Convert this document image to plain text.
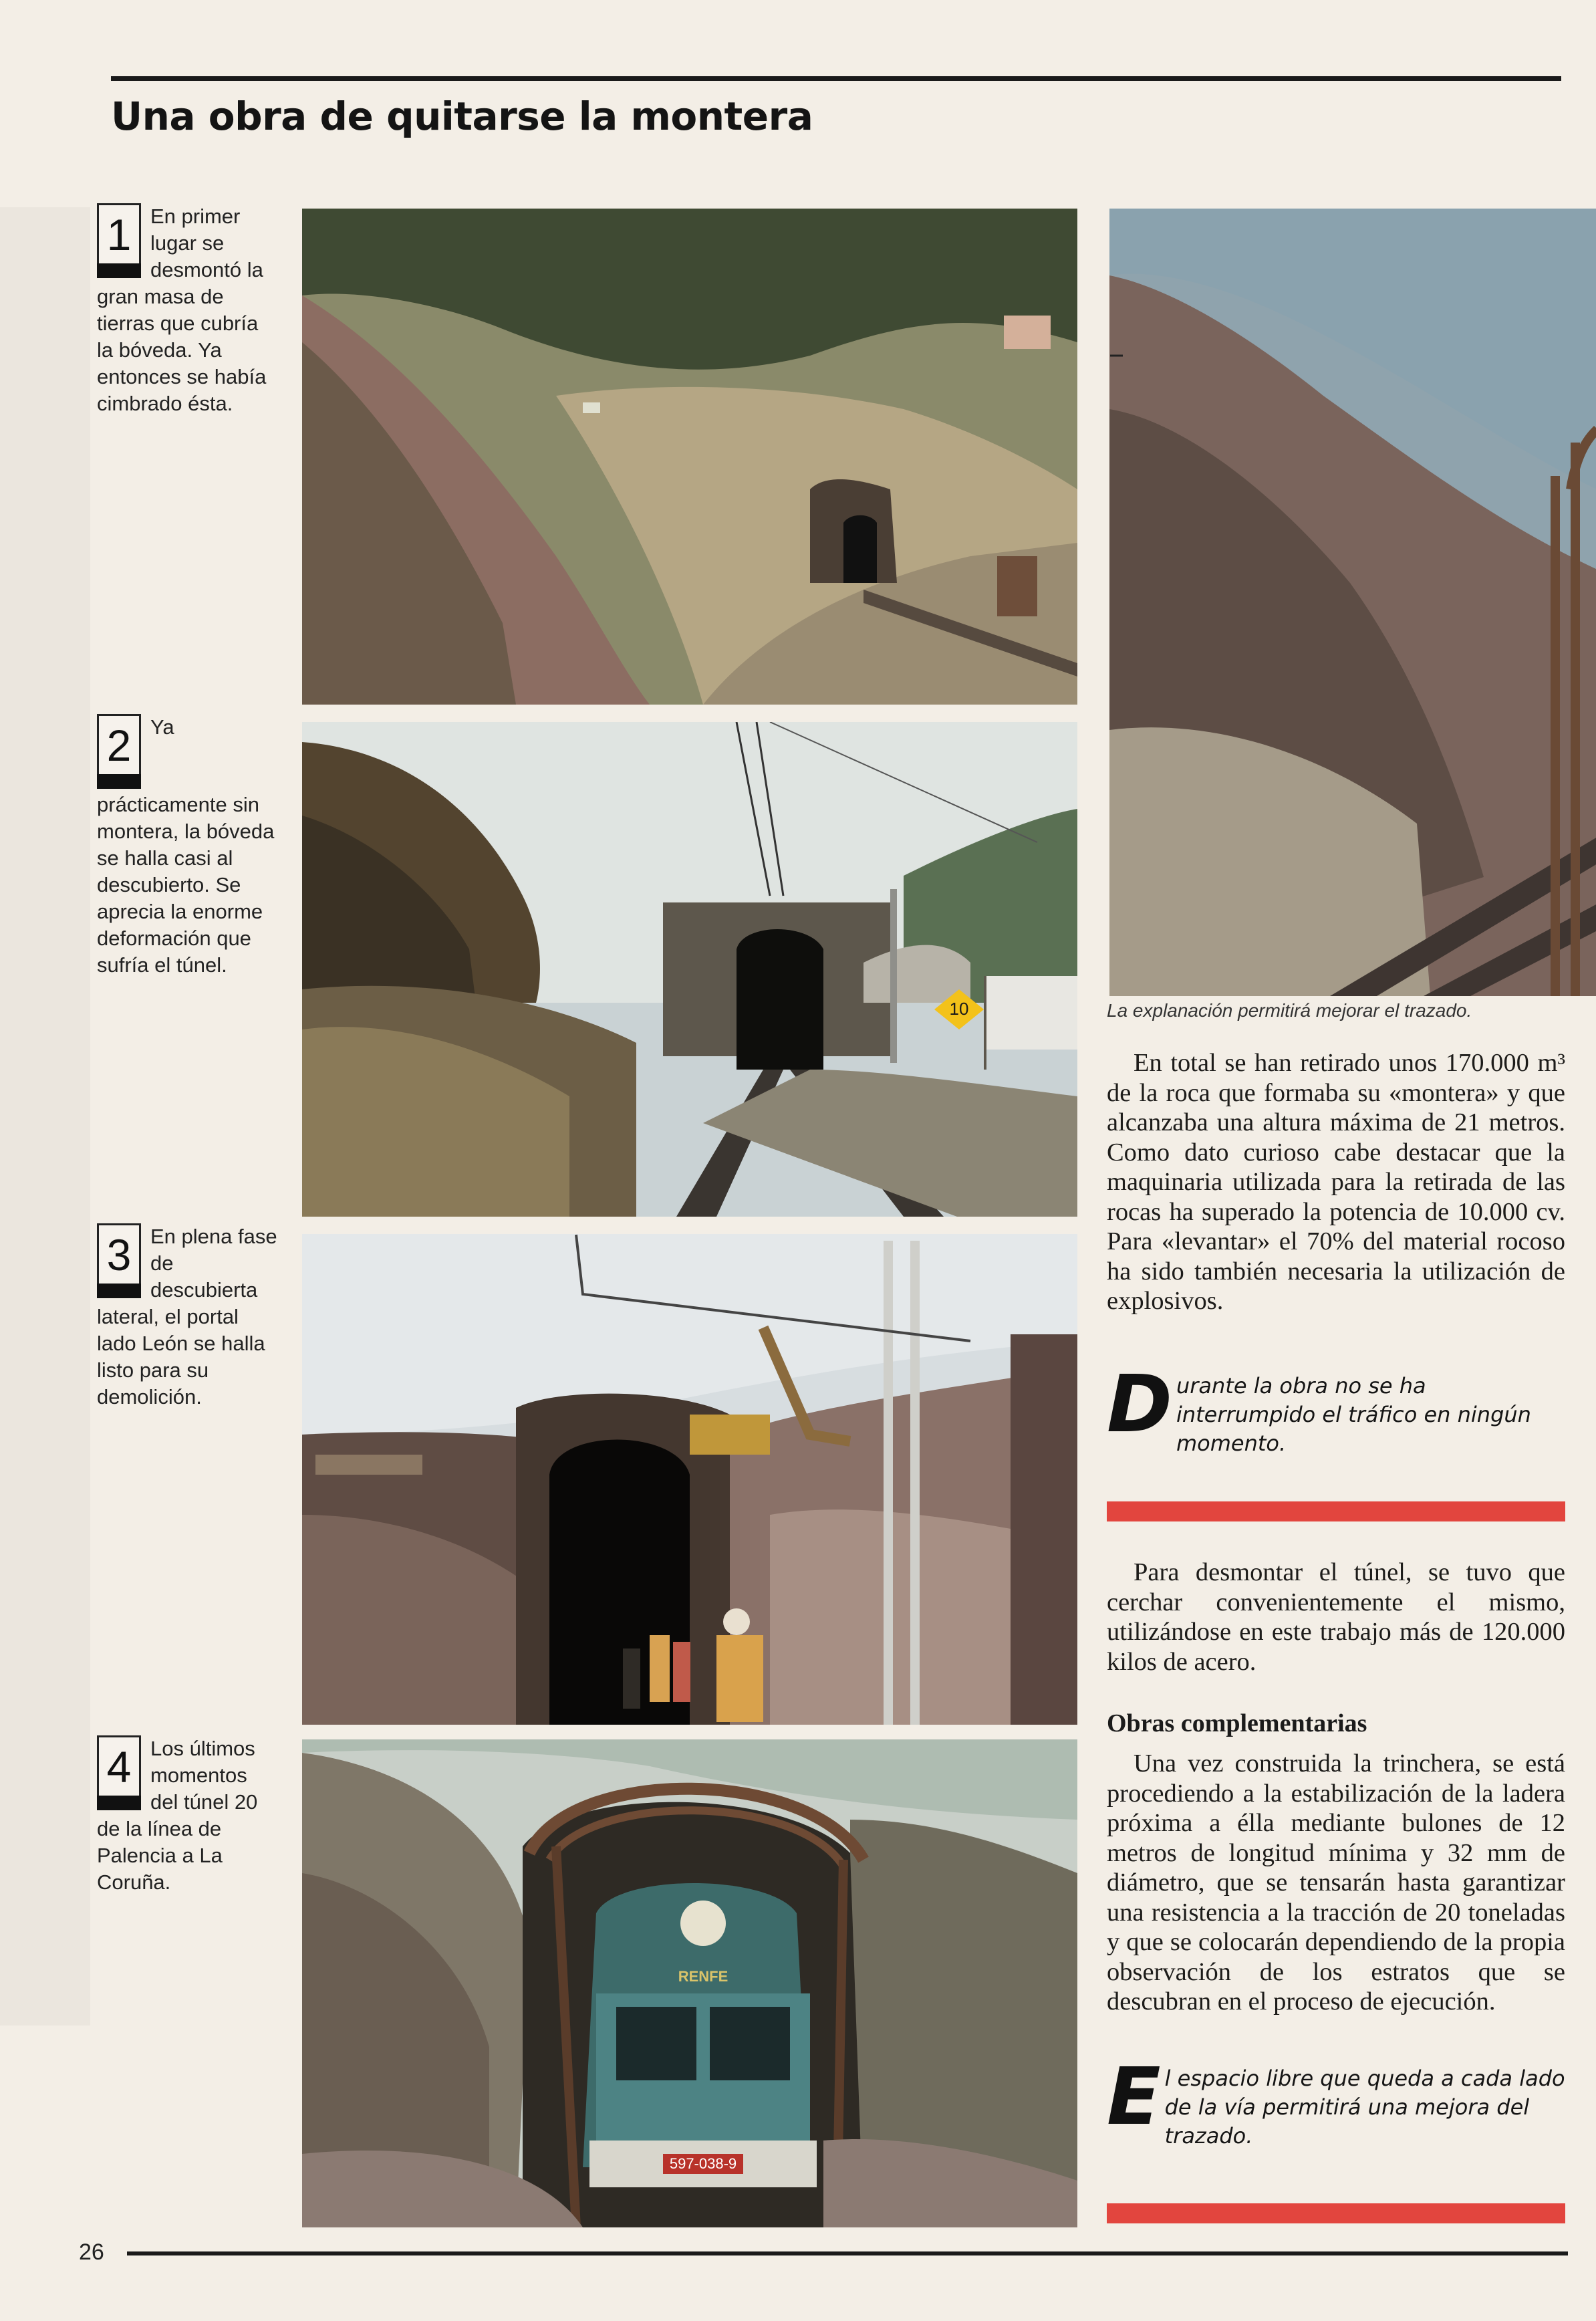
Una obra de quitarse la montera
1 En primer lugar se desmontó la gran masa de tierras que cubría la bóveda. Ya entonces se había cimbrado ésta.

2 Ya prácticamente sin montera, la bóveda se halla casi al descubierto. Se aprecia la enorme deformación que sufría el túnel.

3 En plena fase de descubierta lateral, el portal lado León se halla listo para su demolición.

4 Los últimos momentos del túnel 20 de la línea de Palencia a La Coruña.

10
597-038-9
RENFE
La explanación permitirá mejorar el trazado.
En total se han retirado unos 170.000 m³ de la roca que formaba su «montera» y que alcanzaba una altura máxima de 21 metros. Como dato curioso cabe destacar que la maquinaria utilizada para la retirada de las rocas ha superado la potencia de 10.000 cv. Para «levantar» el 70% del material rocoso ha sido también necesaria la utilización de explosivos.
D urante la obra no se ha interrumpido el tráfico en ningún momento.
Para desmontar el túnel, se tuvo que cerchar convenientemente el mismo, utilizándose en este trabajo más de 120.000 kilos de acero.
Obras complementarias
Una vez construida la trinchera, se está procediendo a la estabilización de la ladera próxima a élla mediante bulones de 12 metros de longitud mínima y 32 mm de diámetro, que se tensarán hasta garantizar una resistencia a la tracción de 20 toneladas y que se colocarán dependiendo de la propia observación de los estratos que se descubran en el proceso de ejecución.
E l espacio libre que queda a cada lado de la vía permitirá una mejora del trazado.
26
